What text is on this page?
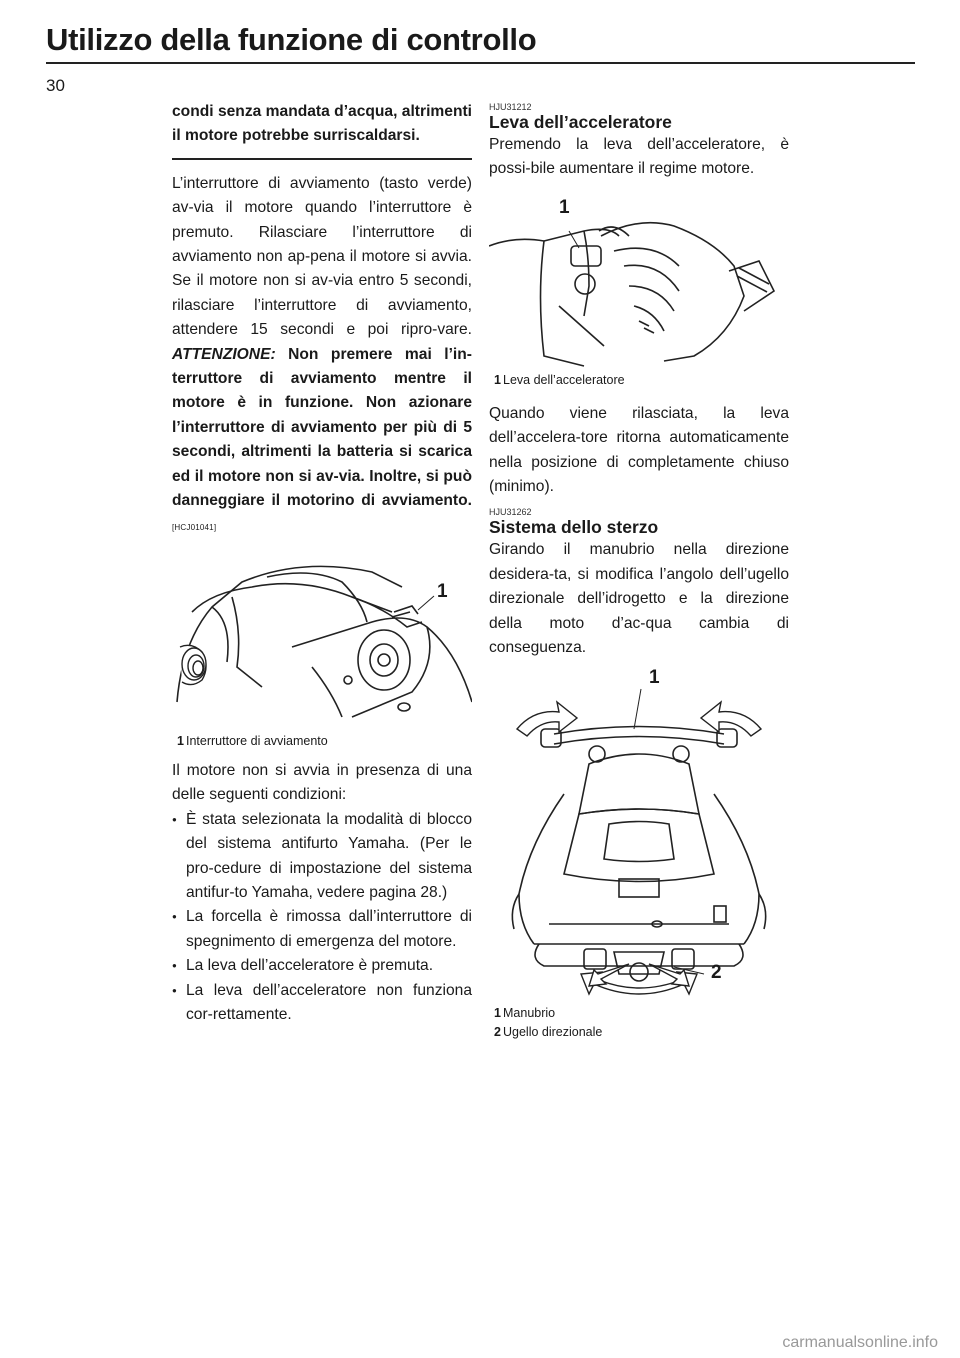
Utilizzo della funzione di controllo
30

condi senza mandata d’acqua, altrimenti il motore potrebbe surriscaldarsi.

L’interruttore di avviamento (tasto verde) av-via il motore quando l’interruttore è premuto. Rilasciare l’interruttore di avviamento non ap-pena il motore si avvia. Se il motore non si av-via entro 5 secondi, rilasciare l’interruttore di avviamento, attendere 15 secondi e poi ripro-vare. ATTENZIONE: Non premere mai l’in-terruttore di avviamento mentre il motore è in funzione. Non azionare l’interruttore di avviamento per più di 5 secondi, altrimenti la batteria si scarica ed il motore non si av-via. Inoltre, si può danneggiare il motorino di avviamento. [HCJ01041]

1
1 Interruttore di avviamento

Il motore non si avvia in presenza di una delle seguenti condizioni:

● È stata selezionata la modalità di blocco del sistema antifurto Yamaha. (Per le pro-cedure di impostazione del sistema antifur-to Yamaha, vedere pagina 28.)
● La forcella è rimossa dall’interruttore di spegnimento di emergenza del motore.
● La leva dell’acceleratore è premuta.
● La leva dell’acceleratore non funziona cor-rettamente.
HJU31212
Leva dell’acceleratore

Premendo la leva dell’acceleratore, è possi-bile aumentare il regime motore.

1
1 Leva dell’acceleratore

Quando viene rilasciata, la leva dell’accelera-tore ritorna automaticamente nella posizione di completamente chiuso (minimo).

HJU31262
Sistema dello sterzo

Girando il manubrio nella direzione desidera-ta, si modifica l’angolo dell’ugello direzionale dell’idrogetto e la direzione della moto d’ac-qua cambia di conseguenza.

1
2
1 Manubrio
2 Ugello direzionale
carmanualsonline.info
